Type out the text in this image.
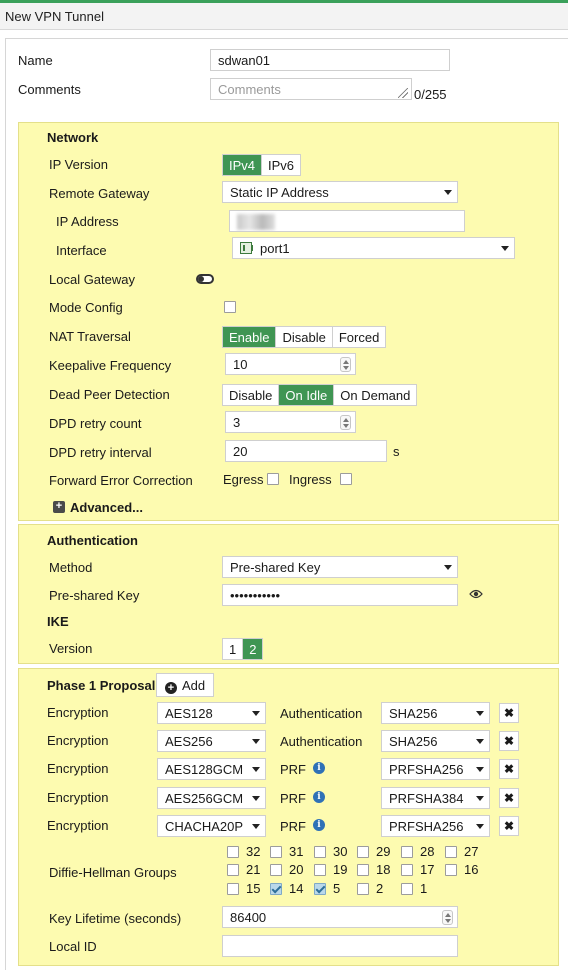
New VPN Tunnel
Name	sdwan01
Comments	Comments	0/255
Network
IP Version	IPv4	IPv6
Remote Gateway	Static IP Address
IP Address
Interface	port1
Local Gateway
Mode Config
NAT Traversal	Enable	Disable	Forced
Keepalive Frequency	10
Dead Peer Detection	Disable	On Idle	On Demand
DPD retry count	3
DPD retry interval	20	s
Forward Error Correction Egress Ingress
+ Advanced...
Authentication
Method	Pre-shared Key
Pre-shared Key	•••••••••••
IKE
Version	1	2
Phase 1 Proposal	+ Add
Encryption	AES128	Authentication	SHA256	✖
Encryption	AES256	Authentication	SHA256	✖
Encryption	AES128GCM	PRF	i	PRFSHA256	✖
Encryption	AES256GCM	PRF	i	PRFSHA384	✖
Encryption	CHACHA20P	PRF	i	PRFSHA256	✖
Diffie-Hellman Groups
32 31 30 29 28 27
21 20 19 18 17 16
15 14 5	2	1
Key Lifetime (seconds)	86400
Local ID
